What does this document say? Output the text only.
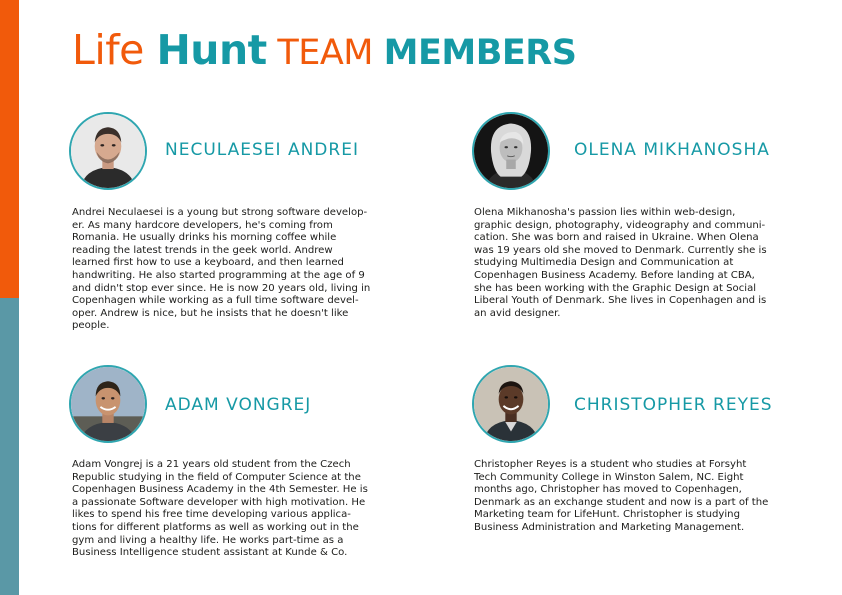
Life Hunt TEAM MEMBERS
NECULAESEI ANDREI
Andrei Neculaesei is a young but strong software develop-
er. As many hardcore developers, he's coming from
Romania. He usually drinks his morning coffee while
reading the latest trends in the geek world. Andrew
learned first how to use a keyboard, and then learned
handwriting. He also started programming at the age of 9
and didn't stop ever since. He is now 20 years old, living in
Copenhagen while working as a full time software devel-
oper. Andrew is nice, but he insists that he doesn't like
people.
OLENA MIKHANOSHA
Olena Mikhanosha's passion lies within web-design,
graphic design, photography, videography and communi-
cation. She was born and raised in Ukraine. When Olena
was 19 years old she moved to Denmark. Currently she is
studying Multimedia Design and Communication at
Copenhagen Business Academy. Before landing at CBA,
she has been working with the Graphic Design at Social
Liberal Youth of Denmark. She lives in Copenhagen and is
an avid designer.
ADAM VONGREJ
Adam Vongrej is a 21 years old student from the Czech
Republic studying in the field of Computer Science at the
Copenhagen Business Academy in the 4th Semester. He is
a passionate Software developer with high motivation. He
likes to spend his free time developing various applica-
tions for different platforms as well as working out in the
gym and living a healthy life. He works part-time as a
Business Intelligence student assistant at Kunde & Co.
CHRISTOPHER REYES
Christopher Reyes is a student who studies at Forsyht
Tech Community College in Winston Salem, NC. Eight
months ago, Christopher has moved to Copenhagen,
Denmark as an exchange student and now is a part of the
Marketing team for LifeHunt. Christopher is studying
Business Administration and Marketing Management.
